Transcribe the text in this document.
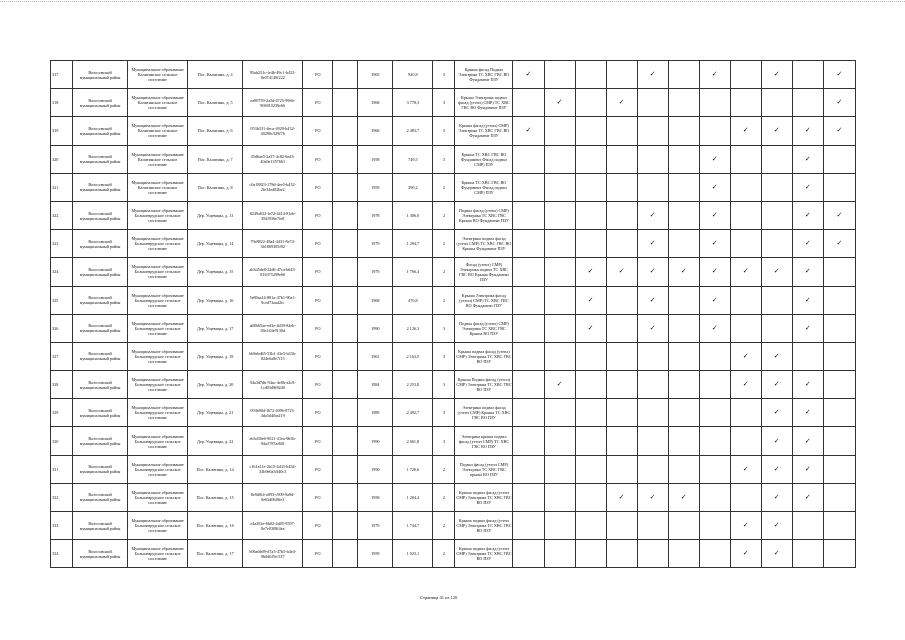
317	Волосовский муниципальный район	Муниципальное образование Калитинское сельское поселение	Пос. Калитино, д. 4	95ab231c-fe4b-49c1-b432-8e074149f222	РО		1965	920,8	3	Крыша фасад Подвал Электрика ТС ХВС ГВС ВО Фундамент ПЗУ	✓				✓		✓		✓		✓
318	Волосовский муниципальный район	Муниципальное образование Калитинское сельское поселение	Пос. Калитино, д. 5	ea90759-2a5d-4725-996b-906910239e66	РО		1968	3 778,3	3	Крыша Электрика подвал фасад (утепл) СМР) ТС ХВС ГВС ВО Фундамент ПЗУ		✓		✓							✓
319	Волосовский муниципальный район	Муниципальное образование Калитинское сельское поселение	Пос. Калитино, д. 6	053b331-4eca-4929-b432-40296c529f76	РО		1966	2 483,7	3	Крыша фасад (утепл) СМР) Электрика ТС ХВС ГВС ВО Фундамент ПЗУ	✓							✓	✓	✓	✓
320	Волосовский муниципальный район	Муниципальное образование Калитинское сельское поселение	Пос. Калитино, д. 7	45d6ae5-2a37-4c82-6ed3-40a9e1357661	РО		1958	749,5	3	Крыша ТС ХВС ГВС ВО Фундамент Фасад подвал СМР) ПЗУ							✓			✓	
321	Волосовский муниципальный район	Муниципальное образование Калитинское сельское поселение	Пос. Калитино, д. 8	c0a18823-178d-4ee5-b432-2fe34ed82be2	РО		1959	290,2	2	Крыша ТС ХВС ГВС ВО Фундамент Фасад подвал СМР) ПЗУ							✓			✓	
322	Волосовский муниципальный район	Муниципальное образование Большеврудское сельское поселение	Дер. Ущевицы, д. 13	8249a652-fe72-4414-81eb-392f936e7fe8	РО		1978	1 306,0	2	Подвал фасад (утепл) СМР) Электрика ТС ХВС ГВС Крыша ВО Фундамент ПЗУ					✓		✓			✓	✓
323	Волосовский муниципальный район	Муниципальное образование Большеврудское сельское поселение	Дер. Ущевицы, д. 14	79e8822-48a4-4431-8e74-3b1869305f92	РО		1979	1 294,7	2	Электрика подвал фасад (утепл СМР) ТС ХВС ГВС ВО Крыша Фундамент ПЗУ					✓		✓			✓	✓
324	Волосовский муниципальный район	Муниципальное образование Большеврудское сельское поселение	Дер. Ущевицы, д. 15	ab3d5de8-22d6-47ca-b643-816375299e66	РО		1979	1 766,4	2	Фасад (утепл) СМР) Электрика подвал ТС ХВС ГВС ВО Крыша Фундамент ПЗУ			✓	✓	✓	✓	✓	✓	✓	✓	
325	Волосовский муниципальный район	Муниципальное образование Большеврудское сельское поселение	Дер. Ущевицы, д. 16	5e80aa14-881a-47b1-90a1-9ced73aad2fc	РО		1968	470,8	2	Крыша Электрика фасад (утепл) СМР) ТС ХВС ГВС ВО Фундамент ПЗУ			✓		✓		✓			✓	
326	Волосовский муниципальный район	Муниципальное образование Большеврудское сельское поселение	Дер. Ущевицы, д. 17	a68665ae-ed3e-4d39-82eb-38e144e9130d	РО		1990	2 126,3	3	Подвал фасад (утепл) СМР) Электрика ТС ХВС ГВС Крыша ВО ПЗУ			✓		✓		✓			✓	
327	Волосовский муниципальный район	Муниципальное образование Большеврудское сельское поселение	Дер. Ущевицы, д. 19	bb9ebd65-53b1-43e5-b33b-824e6a8e7f15	РО		1961	2 163,5	3	Крыша подвал фасад (утепл) СМР) Электрика ТС ХВС ГВС ВО ПЗУ								✓	✓		
328	Волосовский муниципальный район	Муниципальное образование Большеврудское сельское поселение	Дер. Ущевицы, д. 20	94a3d7db-94ac-4e0b-a2c8-1cd03d9f82d0	РО		1984	2 253,8	3	Крыша Подвал фасад (утепл) СМР) Электрика ТС ХВС ГВС ВО ПЗУ		✓						✓	✓	✓	
329	Волосовский муниципальный район	Муниципальное образование Большеврудское сельское поселение	Дер. Ущевицы, д. 21	093b90d-f672-4096-8723-4da5d4fbe219	РО		1989	2 492,7	3	Электрика подвал фасад (утепл СМР) Крыша ТС ХВС ГВС ВО ПЗУ									✓	✓	
330	Волосовский муниципальный район	Муниципальное образование Большеврудское сельское поселение	Дер. Ущевицы, д. 22	eb3d30e6-9021-41ea-9b3b-8da3787af6f8	РО		1990	2 661,8	3	Электрика крыша подвал фасад (утепл СМР) ТС ХВС ГВС ВО ПЗУ									✓	✓	
331	Волосовский муниципальный район	Муниципальное образование Большеврудское сельское поселение	Пос. Калитино, д. 14	c161a11e-2b15-4d33-b434-34b9e0a3ff40c3	РО		1990	1 720,6	2	Подвал фасад (утепл СМР) Электрика ТС ХВС ГВС крыша ВО ПЗУ								✓	✓	✓	
332	Волосовский муниципальный район	Муниципальное образование Большеврудское сельское поселение	Пос. Калитино, д. 15	8e9d0f4-a093-c909-9a9d-0e63d06f0fe3	РО		1958	1 204,4	2	Крыша подвал фасад (утепл СМР) Электрика ТС ХВС ГВС ВО ПЗУ				✓	✓	✓			✓	✓	
333	Волосовский муниципальный район	Муниципальное образование Большеврудское сельское поселение	Пос. Калитино, д. 16	e4a292e-6b02-4d05-9597-8e7e0308f4ea	РО		1979	1 744,7	2	Крыша подвал фасад (утепл СМР) Электрика ТС ХВС ГВС ВО ПЗУ								✓	✓		
334	Волосовский муниципальный район	Муниципальное образование Большеврудское сельское поселение	Пос. Калитино, д. 17	b06a6b09-d7a5-47b5-b4e4-9b0d6f5fc537	РО		1959	1 023,1	2	Крыша подвал фасад (утепл СМР) Электрика ТС ХВС ГВС ВО ПЗУ								✓	✓		
Страница 41 из 120
